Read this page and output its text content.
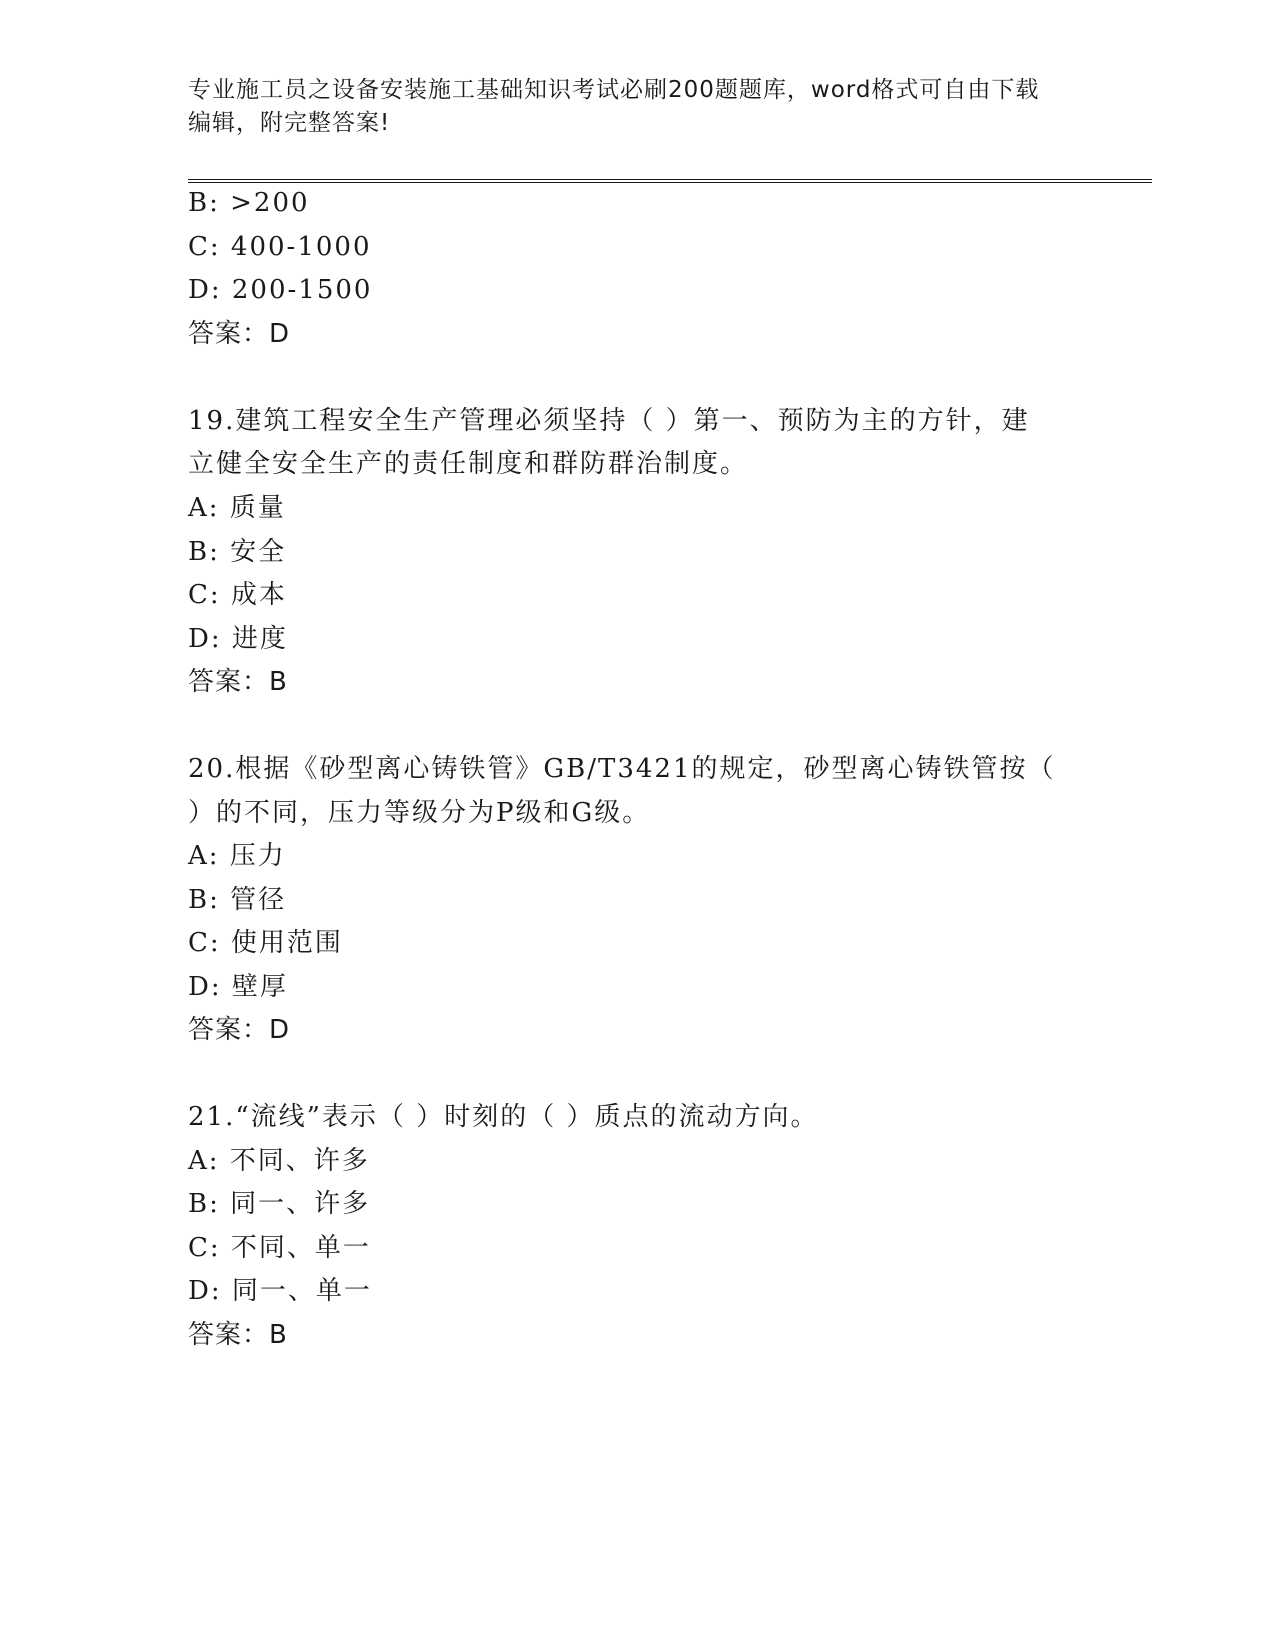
专业施工员之设备安装施工基础知识考试必刷200题题库，word格式可自由下载
编辑，附完整答案!
B: >200
C: 400-1000
D: 200-1500
答案：D
19.建筑工程安全生产管理必须坚持（ ）第一、预防为主的方针，建
立健全安全生产的责任制度和群防群治制度。
A: 质量
B: 安全
C: 成本
D: 进度
答案：B
20.根据《砂型离心铸铁管》GB/T3421的规定，砂型离心铸铁管按（
）的不同，压力等级分为P级和G级。
A: 压力
B: 管径
C: 使用范围
D: 壁厚
答案：D
21.“流线”表示（ ）时刻的（ ）质点的流动方向。
A: 不同、许多
B: 同一、许多
C: 不同、单一
D: 同一、单一
答案：B
